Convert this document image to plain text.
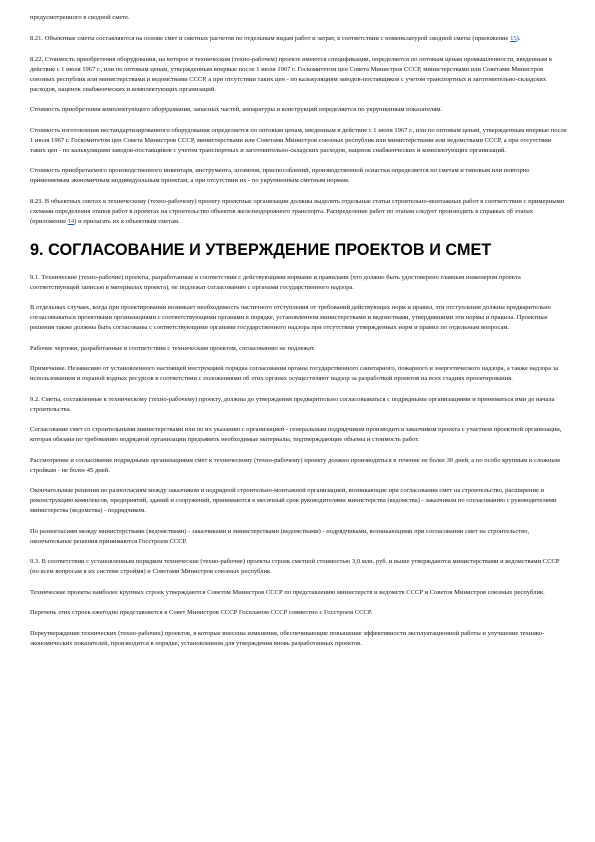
предусмотренного в сводной смете.

8.21. Объектные сметы составляются на основе смет и сметных расчетов по отдельным видам работ и затрат, в соответствии с номенклатурой сводной сметы (приложение 15).

8.22. Стоимость приобретения оборудования, на которое в техническом (техно-рабочем) проекте имеются спецификации, определяется по оптовым ценам промышленности, введенным в действие с 1 июля 1967 г., или по оптовым ценам, утвержденным впервые после 1 июля 1967 г. Госкомитетом цен Совета Министров СССР, министерствами или Советами Министров союзных республик или министерствами и ведомствами СССР, а при отсутствии таких цен - по калькуляциям заводов-поставщиков с учетом транспортных и заготовительно-складских расходов, наценок снабженческих и комплектующих организаций.

Стоимость приобретения комплектующего оборудования, запасных частей, аппаратуры и конструкций определяется по укрупненным показателям.

Стоимость изготовления нестандартизированного оборудования определяется по оптовым ценам, введенным в действие с 1 июля 1967 г., или по оптовым ценам, утвержденным впервые после 1 июля 1967 г. Госкомитетом цен Совета Министров СССР, министерствами или Советами Министров союзных республик или министерствами или ведомствами СССР, а при отсутствии таких цен - по калькуляциям заводов-поставщиков с учетом транспортных и заготовительно-складских расходов, наценок снабженческих и комплектующих организаций.

Стоимость приобретаемого производственного инвентаря, инструмента, штампов, приспособлений, производственной оснастки определяется по сметам и типовым или повторно применяемым экономичным индивидуальным проектам, а при отсутствии их - по укрупненным сметным нормам.

8.23. В объектных сметах к техническому (техно-рабочему) проекту проектные организации должны выделять отдельные статьи строительно-монтажных работ в соответствии с примерными схемами определения этапов работ в проектах на строительство объектов железнодорожного транспорта. Распределение работ по этапам следует производить в справках об этапах (приложение 14) и прилагать их к объектным сметам.

9. СОГЛАСОВАНИЕ И УТВЕРЖДЕНИЕ ПРОЕКТОВ И СМЕТ

9.1. Технические (техно-рабочие) проекты, разработанные в соответствии с действующими нормами и правилами (что должно быть удостоверено главным инженером проекта соответствующей записью в материалах проекта), не подлежат согласованию с органами государственного надзора.

В отдельных случаях, когда при проектировании возникает необходимость частичного отступления от требований действующих норм и правил, эти отступления должны предварительно согласовываться проектными организациями с соответствующими органами в порядке, установленном министерствами и ведомствами, утвердившими эти нормы и правила. Проектные решения также должны быть согласованы с соответствующими органами государственного надзора при отсутствии утвержденных норм и правил по отдельным вопросам.

Рабочие чертежи, разработанные в соответствии с техническим проектом, согласованию не подлежат.

Примечание. Независимо от установленного настоящей инструкцией порядка согласования органы государственного санитарного, пожарного и энергетического надзора, а также надзора за использованием и охраной водных ресурсов в соответствии с положениями об этих органах осуществляют надзор за разработкой проектов на всех стадиях проектирования.

9.2. Сметы, составленные к техническому (техно-рабочему) проекту, должны до утверждения предварительно согласовываться с подрядными организациями и приниматься ими до начала строительства.

Согласование смет со строительными министерствами или по их указанию с организацией - генеральным подрядчиком производится заказчиком проекта с участием проектной организации, которая обязана по требованию подрядной организации предъявить необходимые материалы, подтверждающие объемы и стоимость работ.

Рассмотрение и согласование подрядными организациями смет к техническому (техно-рабочему) проекту должно производиться в течение не более 30 дней, а по особо крупным и сложным стройкам - не более 45 дней.

Окончательные решения по разногласиям между заказчиком и подрядной строительно-монтажной организацией, возникающие при согласовании смет на строительство, расширение и реконструкцию комплексов, предприятий, зданий и сооружений, принимаются в месячный срок руководителями министерства (ведомства) - заказчиком по согласованию с руководителями министерства (ведомства) - подрядчиком.

По разногласиям между министерствами (ведомствами) - заказчиками и министерствами (ведомствами) - подрядчиками, возникающими при согласовании смет на строительство, окончательные решения принимаются Госстроем СССР.

9.3. В соответствии с установленным порядком технические (техно-рабочие) проекты строек сметной стоимостью 3,0 млн. руб. и выше утверждаются министерствами и ведомствами СССР (по всем вопросам в их системе строймя) и Советами Министров союзных республик.

Технические проекты наиболее крупных строек утверждаются Советом Министров СССР по представлению министерств и ведомств СССР и Советов Министров союзных республик.

Перечень этих строек ежегодно представляется в Совет Министров СССР Госпланом СССР совместно с Госстроем СССР.

Переутверждение технических (техно-рабочих) проектов, в которые внесены изменения, обеспечивающие повышение эффективности эксплуатационной работы и улучшение технико-экономических показателей, производится в порядке, установленном для утверждения вновь разработанных проектов.
